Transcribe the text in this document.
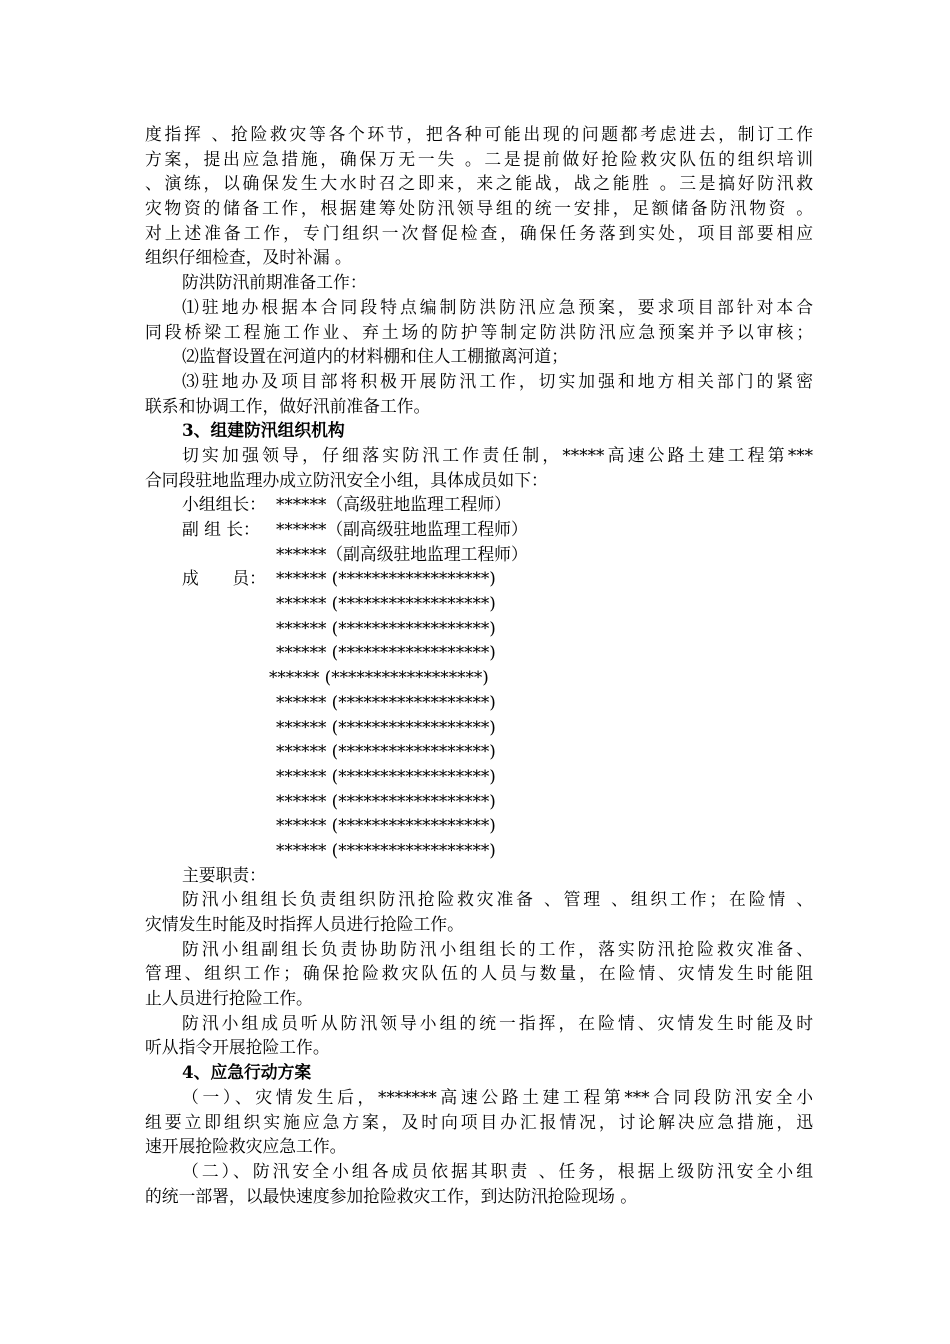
度指挥 、抢险救灾等各个环节，把各种可能出现的问题都考虑进去，制订工作
方案，提出应急措施，确保万无一失 。二是提前做好抢险救灾队伍的组织培训
、演练，以确保发生大水时召之即来，来之能战，战之能胜 。三是搞好防汛救
灾物资的储备工作，根据建筹处防汛领导组的统一安排，足额储备防汛物资 。
对上述准备工作，专门组织一次督促检查，确保任务落到实处，项目部要相应
组织仔细检查，及时补漏 。
防洪防汛前期准备工作：
⑴驻地办根据本合同段特点编制防洪防汛应急预案，要求项目部针对本合
同段桥梁工程施工作业、弃土场的防护等制定防洪防汛应急预案并予以审核；
⑵监督设置在河道内的材料棚和住人工棚撤离河道；
⑶驻地办及项目部将积极开展防汛工作，切实加强和地方相关部门的紧密
联系和协调工作，做好汛前准备工作。
3、组建防汛组织机构
切实加强领导，仔细落实防汛工作责任制，*****高速公路土建工程第***
合同段驻地监理办成立防汛安全小组，具体成员如下：
小组组长： ******（高级驻地监理工程师）
副 组 长： ******（副高级驻地监理工程师）
******（副高级驻地监理工程师）
成　　员： ****** (******************)
****** (******************)
****** (******************)
****** (******************)
****** (******************)
****** (******************)
****** (******************)
****** (******************)
****** (******************)
****** (******************)
****** (******************)
****** (******************)
主要职责：
防汛小组组长负责组织防汛抢险救灾准备 、管理 、组织工作；在险情 、
灾情发生时能及时指挥人员进行抢险工作。
防汛小组副组长负责协助防汛小组组长的工作，落实防汛抢险救灾准备、
管理、组织工作；确保抢险救灾队伍的人员与数量，在险情、灾情发生时能阻
止人员进行抢险工作。
防汛小组成员听从防汛领导小组的统一指挥，在险情、灾情发生时能及时
听从指令开展抢险工作。
4、应急行动方案
（一）、灾情发生后，*******高速公路土建工程第***合同段防汛安全小
组要立即组织实施应急方案，及时向项目办汇报情况，讨论解决应急措施，迅
速开展抢险救灾应急工作。
（二）、防汛安全小组各成员依据其职责 、任务，根据上级防汛安全小组
的统一部署，以最快速度参加抢险救灾工作，到达防汛抢险现场 。
